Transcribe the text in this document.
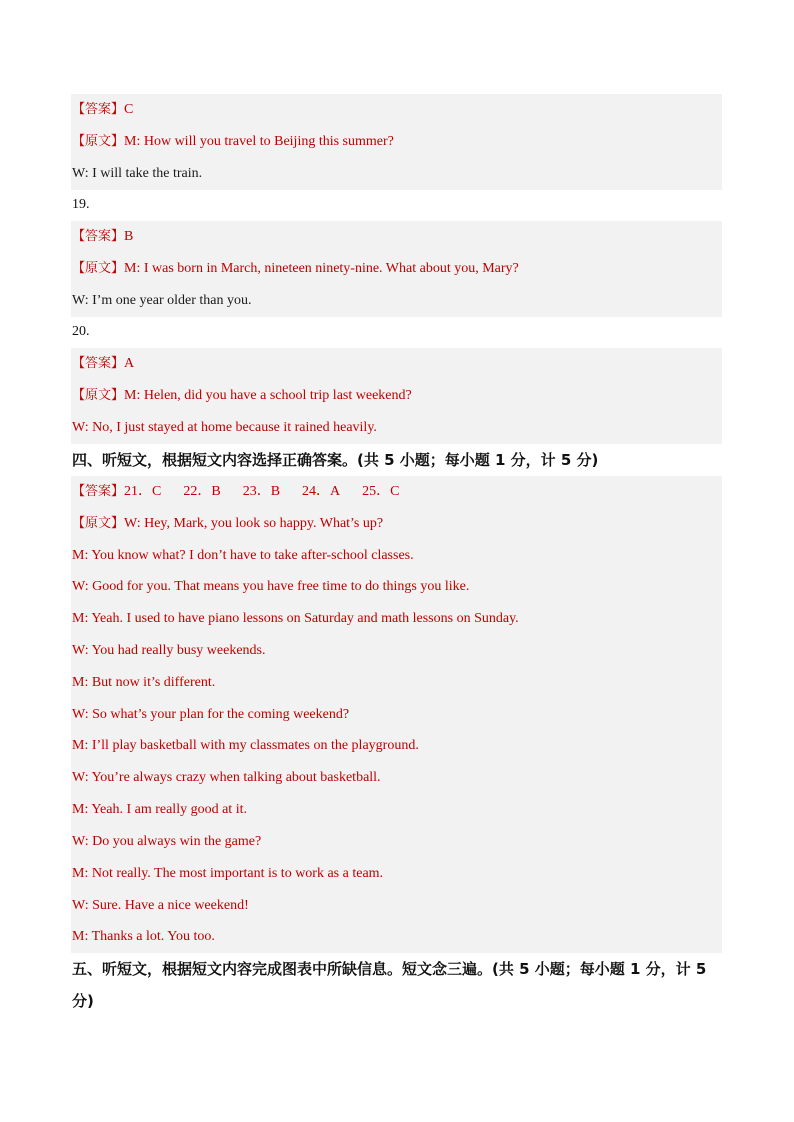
【答案】C
【原文】M: How will you travel to Beijing this summer?
W: I will take the train.
19.
【答案】B
【原文】M: I was born in March, nineteen ninety-nine. What about you, Mary?
W: I’m one year older than you.
20.
【答案】A
【原文】M: Helen, did you have a school trip last weekend?
W: No, I just stayed at home because it rained heavily.
四、听短文，根据短文内容选择正确答案。(共 5 小题；每小题 1 分，计 5 分)
【答案】21．C 22．B 23．B 24．A 25．C
【原文】W: Hey, Mark, you look so happy. What’s up?
M: You know what? I don’t have to take after-school classes.
W: Good for you. That means you have free time to do things you like.
M: Yeah. I used to have piano lessons on Saturday and math lessons on Sunday.
W: You had really busy weekends.
M: But now it’s different.
W: So what’s your plan for the coming weekend?
M: I’ll play basketball with my classmates on the playground.
W: You’re always crazy when talking about basketball.
M: Yeah. I am really good at it.
W: Do you always win the game?
M: Not really. The most important is to work as a team.
W: Sure. Have a nice weekend!
M: Thanks a lot. You too.
五、听短文，根据短文内容完成图表中所缺信息。短文念三遍。(共 5 小题；每小题 1 分，计 5 分)
